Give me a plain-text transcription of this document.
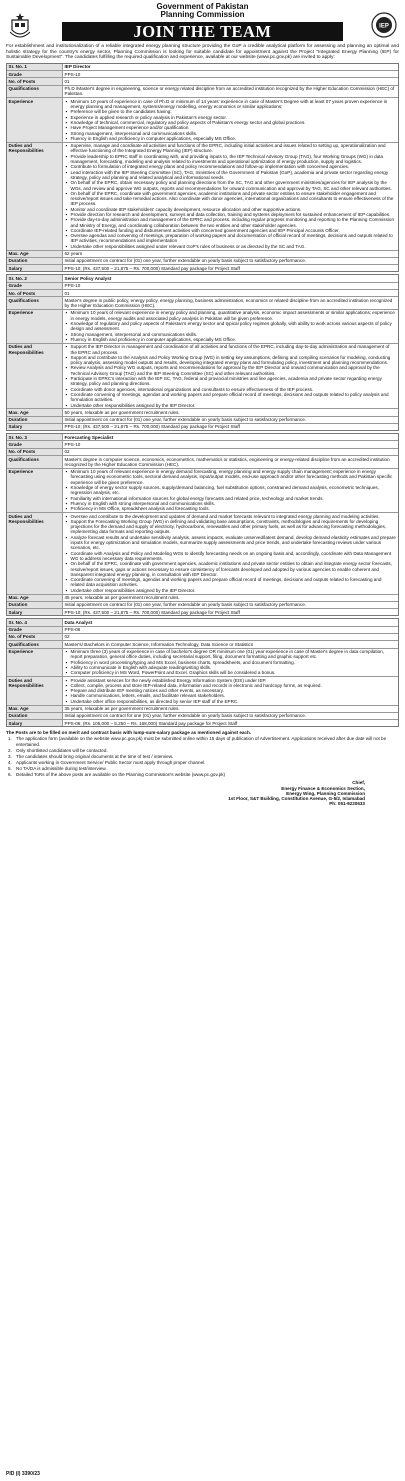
Government of Pakistan
Planning Commission
JOIN THE TEAM	IEP
For establishment and institutionalization of a reliable integrated energy planning structure providing the GoP a credible analytical platform for assessing and planning an optimal and holistic strategy for the country's energy sector, Planning Commission is looking for suitable candidate for appointment against the Project "Integrated Energy Planning (IEP) for Sustainable Development". The candidates fulfilling the required qualification and experience, available at our website (www.pc.gov.pk) are invited to apply:
Sr. No. 1	IEP Director
Grade	PPS-10
No. of Posts	01
Qualifications	Ph.D /Master's degree in engineering, science or energy related discipline from an accredited institution recognized by the Higher Education Commission (HEC) of Pakistan.
Experience	▪ Minimum 10 years of experience in case of Ph.D or minimum of 14 years' experience in case of Master's Degree with at least 07 years proven experience in energy planning and management, systems/energy modelling, energy economics or similar applications;
▪ Preference will be given to the candidates having:
▪ Experience in applied research or policy analysis in Pakistan's energy sector.
▪ Knowledge of technical, commercial, regulatory and policy aspects of Pakistan's energy sector and global practices.
▪ Have Project Management experience and/or qualification
▪ Strong management, interpersonal and communications skills.
▪ Fluency in English and proficiency in computer applications, especially MS Office.
Duties and Responsibilities
▪ Supervise, manage and coordinate all activities and functions of the EPRC, including initial activities and issues related to setting up, operationalization and effective functioning of the Integrated Energy Planning (IEP) structure.
▪ Provide leadership to EPRC staff in coordinating with, and providing inputs to, the IEP Technical Advisory Group (TAG), four Working Groups (WG) in data management, forecasting, modeling and analysis related to investments and operational optimization of energy production, supply and logistics.
▪ Contribute to formulation of integrated energy plans and policy recommendations and follow-up implementation with concerned agencies.
▪ Lead interaction with the IEP Steering Committee (SC), TAG, ministries of the Government of Pakistan (GoP), academia and private sector regarding energy strategy, policy and planning and related analytical and informational needs.
▪ On behalf of the EPRC, obtain necessary policy and planning directions from the SC, TAG and other government ministries/agencies for IEP analysis by the WGs, and review and approve WG outputs, reports and recommendations for onward communication and approval by TAG, SC and other relevant authorities.
▪ On behalf of the EPRC, coordinate with government agencies, academic institutions and private sector entities to ensure stakeholder engagement and resolve/report issues and take remedial actions. Also coordinate with donor agencies, international organizations and consultants to ensure effectiveness of the IEP process.
▪ Monitor and coordinate IEP stakeholders' capacity development, resource allocation and other supportive actions.
▪ Provide direction for research and development, surveys and data collection, training and systems deployment for sustained enhancement of IEP capabilities.
▪ Provide day-to-day administration and management of the EPRC and process, including regular progress monitoring and reporting to the Planning Commission and Ministry of Energy, and coordinating collaboration between the two entities and other stakeholder agencies.
▪ Coordinate IEP-related funding and disbursement activities with concerned government agencies and IEP Principal Accounts Officer.
▪ Oversee agendas and convening of meetings, preparation of working papers and documentation of official record of meetings, decisions and outputs related to IEP activities, recommendations and implementation
▪ Undertake other responsibilities assigned under relevant GoP's rules of business or as directed by the SC and TAG.
Max. Age	62 years
Duration	Initial appointment on contract for (01) one year, further extendable on yearly basis subject to satisfactory performance.
Salary	PPS-10; (Rs. 437,500 – 21,875 – Rs. 700,000) Standard pay package for Project Staff
Sr. No. 2	Senior Policy Analyst
Grade	PPS-10
No. of Posts	01
Qualifications	Master's degree in public policy, energy policy, energy planning, business administration, economics or related discipline from an accredited institution recognized by the Higher Education Commission (HEC).
Experience	▪ Minimum 10 years of relevant experience in energy policy and planning, quantitative analysis, economic impact assessments or similar applications; experience in energy models, energy audits and associated policy analysis in Pakistan will be given preference.
▪ Knowledge of regulatory and policy aspects of Pakistan's energy sector and typical policy regimes globally, with ability to work across various aspects of policy design and assessment.
▪ Strong management, interpersonal and communications skills.
▪ Fluency in English and proficiency in computer applications, especially MS Office.
Duties and Responsibilities
▪ Support the IEP Director in management and coordination of all activities and functions of the EPRC, including day-to-day administration and management of the EPRC and process.
▪ Support and contribute to the Analysis and Policy Working Group (WG) in setting key assumptions, defining and compiling scenarios for modeling, conducting policy analysis, assessing model outputs and results, developing integrated energy plans and formulating policy, investment and planning recommendations.
▪ Review Analysis and Policy WG outputs, reports and recommendations for approval by the IEP Director and onward communication and approval by the Technical Advisory Group (TAG) and the IEP Steering Committee (SC) and other relevant authorities.
▪ Participate in EPRC's interaction with the IEP SC, TAG, federal and provincial ministries and line agencies, academia and private sector regarding energy strategy, policy and planning directions.
▪ Coordinate with donor agencies, international organizations and consultants to ensure effectiveness of the IEP process.
▪ Coordinate convening of meetings, agendas and working papers and prepare official record of meetings, decisions and outputs related to policy analysis and formulation activities.
▪ Undertake other responsibilities assigned by the IEP Director.
Max. Age	50 years, relaxable as per government recruitment rules.
Duration	Initial appointment on contract for (01) one year, further extendable on yearly basis subject to satisfactory performance.
Salary	PPS-10; (Rs. 437,500 – 21,875 – Rs. 700,000) Standard pay package for Project Staff
Sr. No. 3	Forecasting Specialist
Grade	PPS-10
No. of Posts	02
Qualifications	Master's degree in computer science, economics, econometrics, mathematics or statistics, engineering or energy-related discipline from an accredited institution recognized by the Higher Education Commission (HEC).
Experience	▪ Minimum 10 years of relevant experience in energy demand forecasting, energy planning and energy supply chain management; experience in energy forecasting using econometric tools, sectoral demand analysis, input/output models, end-use approach and/or other forecasting methods and Pakistan specific experience will be given preference.
▪ Knowledge of energy sector supply sources, supply/demand balancing, fuel substitution options, constrained demand analysis, econometric techniques, regression analysis, etc.
▪ Familiarity with international information sources for global energy forecasts and related price, technology and market trends.
▪ Fluency in English with strong interpersonal and communications skills.
▪ Proficiency in MS Office, spreadsheet analysis and forecasting tools.
Duties and Responsibilities
▪ Oversee and contribute to the development and updates of demand and market forecasts relevant to integrated energy planning and modeling activities.
▪ Support the Forecasting Working Group (WG) in defining and validating base assumptions, constraints, methodologies and requirements for developing projections for the demand and supply of electricity, hydrocarbons, renewables and other primary fuels, as well as for advancing forecasting methodologies, implementing data formats and reporting outputs.
▪ Analyze forecast results and undertake sensitivity analysis, assess impacts, evaluate unserved/latent demand, develop demand elasticity estimates and prepare inputs for energy optimization and simulation models, summarize supply assessments and price trends, and undertake forecasting reviews under various scenarios, etc.
▪ Coordinate with Analysis and Policy and Modeling WGs to identify forecasting needs on an ongoing basis and, accordingly, coordinate with Data Management WG to address necessary data requirements.
▪ On behalf of the EPRC, coordinate with government agencies, academic institutions and private sector entities to obtain and integrate energy sector forecasts, resolve/report issues, gaps or actions necessary to ensure consistency of forecasts developed and adopted by various agencies to enable coherent and transparent integrated energy planning, in consultation with IEP Director.
▪ Coordinate convening of meetings, agendas and working papers and prepare official record of meetings, decisions and outputs related to forecasting and related data acquisition activities.
▪ Undertake other responsibilities assigned by the IEP Director.
Max. Age	45 years, relaxable as per government recruitment rules.
Duration	Initial appointment on contract for (01) one year, further extendable on yearly basis subject to satisfactory performance.
Salary	PPS-10; (Rs. 437,500 – 21,875 – Rs. 700,000) Standard pay package for Project Staff
Sr. No. 4	Data Analyst
Grade	PPS-06
No. of Posts	02
Qualifications	Master's/ Bachelors in Computer Science, Information Technology, Data Science or Statistics
Experience	▪ Minimum three (3) years of experience in case of bachelor's degree OR minimum one (01) year experience in case of Master's degree in data compilation, report preparation, general office duties, including secretarial support, filing, document formatting and graphic support etc.
▪ Proficiency in word processing/typing and MS Excel, business charts, spreadsheets, and document formatting.
▪ Ability to communicate in English with adequate reading/writing skills.
▪ Computer proficiency in MS Word, PowerPoint and Excel. Graphics skills will be considered a bonus.
Duties and Responsibilities
▪ Provide assistant services for the newly established Energy Information System (EIS) under IEP.
▪ Collect, compile, process and store IEP-related data, information and records in electronic and hardcopy forms, as required.
▪ Prepare and distribute IEP meeting notices and other events, as necessary.
▪ Handle communications, letters, emails, and facilitate relevant stakeholders.
▪ Undertake other office responsibilities, as directed by senior IEP staff of the EPRC.
Max. Age	35 years, relaxable as per government recruitment rules.
Duration	Initial appointment on contract for one (01) year, further extendable on yearly basis subject to satisfactory performance.
Salary	PPS-06; (Rs. 105,000 – 5,250 – Rs. 168,000) Standard pay package for Project Staff
The Posts are to be filled on merit and contract basis with lump-sum-salary package as mentioned against each.
1. The application form (available on the website www.pc.gov.pk) must be submitted online within 15 days of publication of Advertisement. Applications received after due date will not be entertained.
2. Only shortlisted candidates will be contacted.
3. The candidates should bring original documents at the time of test / interview.
4. Applicants working in Government Service/ Public Sector must apply through proper channel.
5. No TA/DA is admissible during test/interview.
6. Detailed ToRs of the above posts are available on the Planning Commission's website (www.pc.gov.pk)
Chief,
Energy Finance & Economics Section,
Energy Wing, Planning Commission
1st Floor, S&T Building, Constitution Avenue, G-5/2, Islamabad
Ph: 051-9220633
PID (I) 3390/23
